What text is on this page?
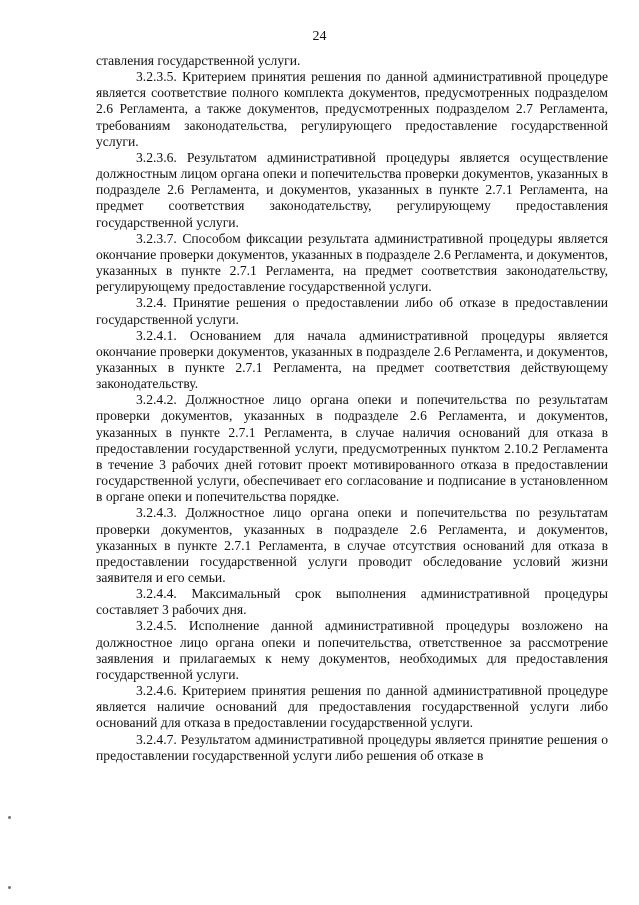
24

ставления государственной услуги.

3.2.3.5. Критерием принятия решения по данной административной процедуре является соответствие полного комплекта документов, предусмотренных подразделом 2.6 Регламента, а также документов, предусмотренных подразделом 2.7 Регламента, требованиям законодательства, регулирующего предоставление государственной услуги.

3.2.3.6. Результатом административной процедуры является осуществление должностным лицом органа опеки и попечительства проверки документов, указанных в подразделе 2.6 Регламента, и документов, указанных в пункте 2.7.1 Регламента, на предмет соответствия законодательству, регулирующему предоставления государственной услуги.

3.2.3.7. Способом фиксации результата административной процедуры является окончание проверки документов, указанных в подразделе 2.6 Регламента, и документов, указанных в пункте 2.7.1 Регламента, на предмет соответствия законодательству, регулирующему предоставление государственной услуги.

3.2.4. Принятие решения о предоставлении либо об отказе в предоставлении государственной услуги.

3.2.4.1. Основанием для начала административной процедуры является окончание проверки документов, указанных в подразделе 2.6 Регламента, и документов, указанных в пункте 2.7.1 Регламента, на предмет соответствия действующему законодательству.

3.2.4.2. Должностное лицо органа опеки и попечительства по результатам проверки документов, указанных в подразделе 2.6 Регламента, и документов, указанных в пункте 2.7.1 Регламента, в случае наличия оснований для отказа в предоставлении государственной услуги, предусмотренных пунктом 2.10.2 Регламента в течение 3 рабочих дней готовит проект мотивированного отказа в предоставлении государственной услуги, обеспечивает его согласование и подписание в установленном в органе опеки и попечительства порядке.

3.2.4.3. Должностное лицо органа опеки и попечительства по результатам проверки документов, указанных в подразделе 2.6 Регламента, и документов, указанных в пункте 2.7.1 Регламента, в случае отсутствия оснований для отказа в предоставлении государственной услуги проводит обследование условий жизни заявителя и его семьи.

3.2.4.4. Максимальный срок выполнения административной процедуры составляет 3 рабочих дня.

3.2.4.5. Исполнение данной административной процедуры возложено на должностное лицо органа опеки и попечительства, ответственное за рассмотрение заявления и прилагаемых к нему документов, необходимых для предоставления государственной услуги.

3.2.4.6. Критерием принятия решения по данной административной процедуре является наличие оснований для предоставления государственной услуги либо оснований для отказа в предоставлении государственной услуги.

3.2.4.7. Результатом административной процедуры является принятие решения о предоставлении государственной услуги либо решения об отказе в
